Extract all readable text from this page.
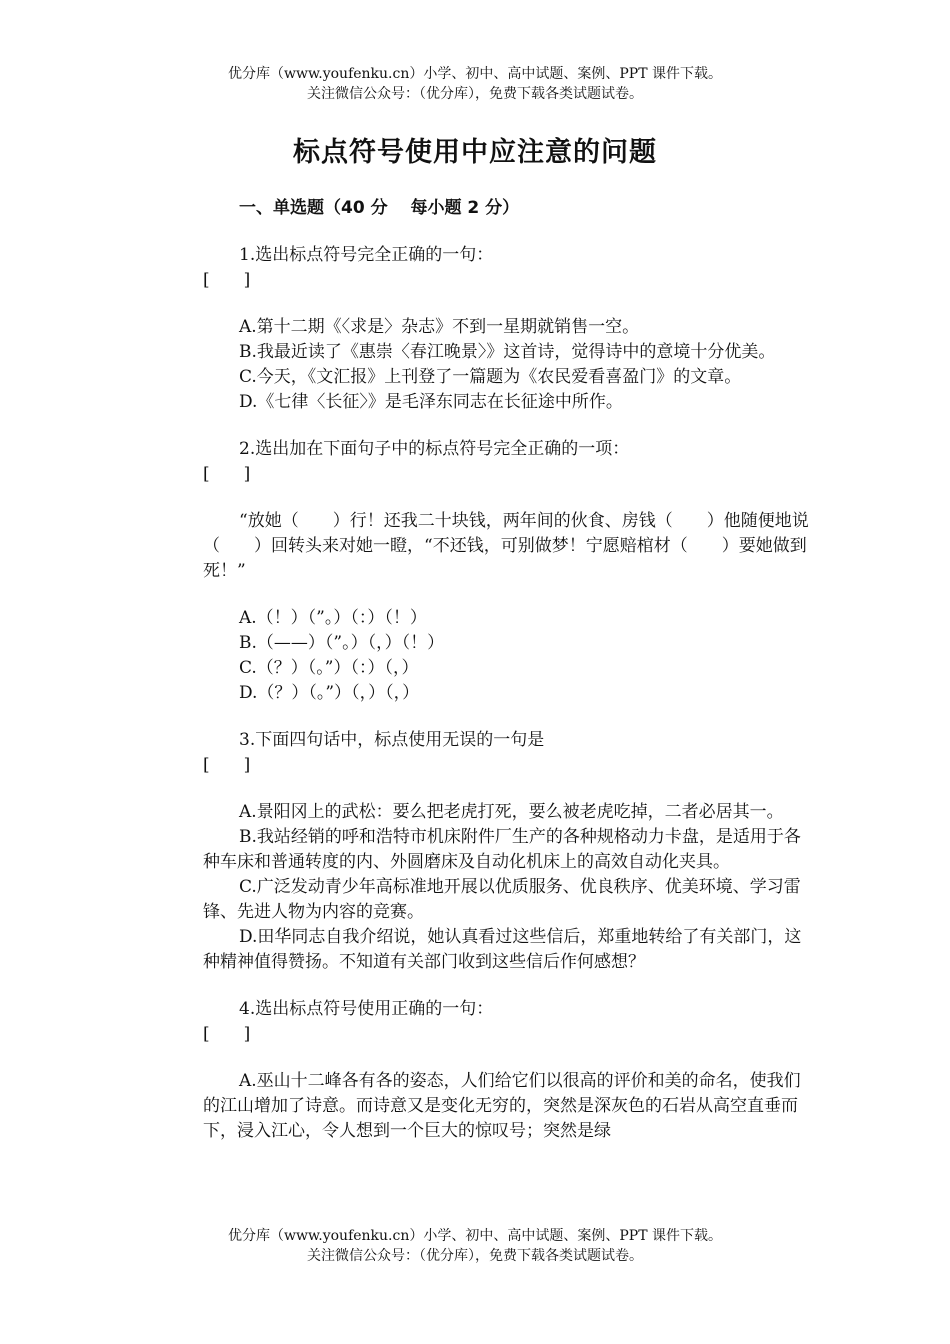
优分库（www.youfenku.cn）小学、初中、高中试题、案例、PPT 课件下载。
关注微信公众号：（优分库），免费下载各类试题试卷。
标点符号使用中应注意的问题
一、单选题（40 分　 每小题 2 分）
1.选出标点符号完全正确的一句：
[　　]
A.第十二期《〈求是〉杂志》不到一星期就销售一空。
B.我最近读了《惠崇〈春江晚景〉》这首诗，觉得诗中的意境十分优美。
C.今天，《文汇报》上刊登了一篇题为《农民爱看喜盈门》的文章。
D.《七律〈长征〉》是毛泽东同志在长征途中所作。
2.选出加在下面句子中的标点符号完全正确的一项：
[　　]
“放她（　　）行！还我二十块钱，两年间的伙食、房钱（　　）他随便地说（　　）回转头来对她一瞪，“不还钱，可别做梦！宁愿赔棺材（　　）要她做到死！”
A.（！）（”。）（：）（！）
B.（——）（”。）（，）（！）
C.（？）（。”）（：）（，）
D.（？）（。”）（，）（，）
3.下面四句话中，标点使用无误的一句是
[　　]
A.景阳冈上的武松：要么把老虎打死，要么被老虎吃掉，二者必居其一。
B.我站经销的呼和浩特市机床附件厂生产的各种规格动力卡盘，是适用于各种车床和普通转度的内、外圆磨床及自动化机床上的高效自动化夹具。
C.广泛发动青少年高标准地开展以优质服务、优良秩序、优美环境、学习雷锋、先进人物为内容的竞赛。
D.田华同志自我介绍说，她认真看过这些信后，郑重地转给了有关部门，这种精神值得赞扬。不知道有关部门收到这些信后作何感想？
4.选出标点符号使用正确的一句：
[　　]
A.巫山十二峰各有各的姿态，人们给它们以很高的评价和美的命名，使我们的江山增加了诗意。而诗意又是变化无穷的，突然是深灰色的石岩从高空直垂而下，浸入江心，令人想到一个巨大的惊叹号；突然是绿
优分库（www.youfenku.cn）小学、初中、高中试题、案例、PPT 课件下载。
关注微信公众号：（优分库），免费下载各类试题试卷。
